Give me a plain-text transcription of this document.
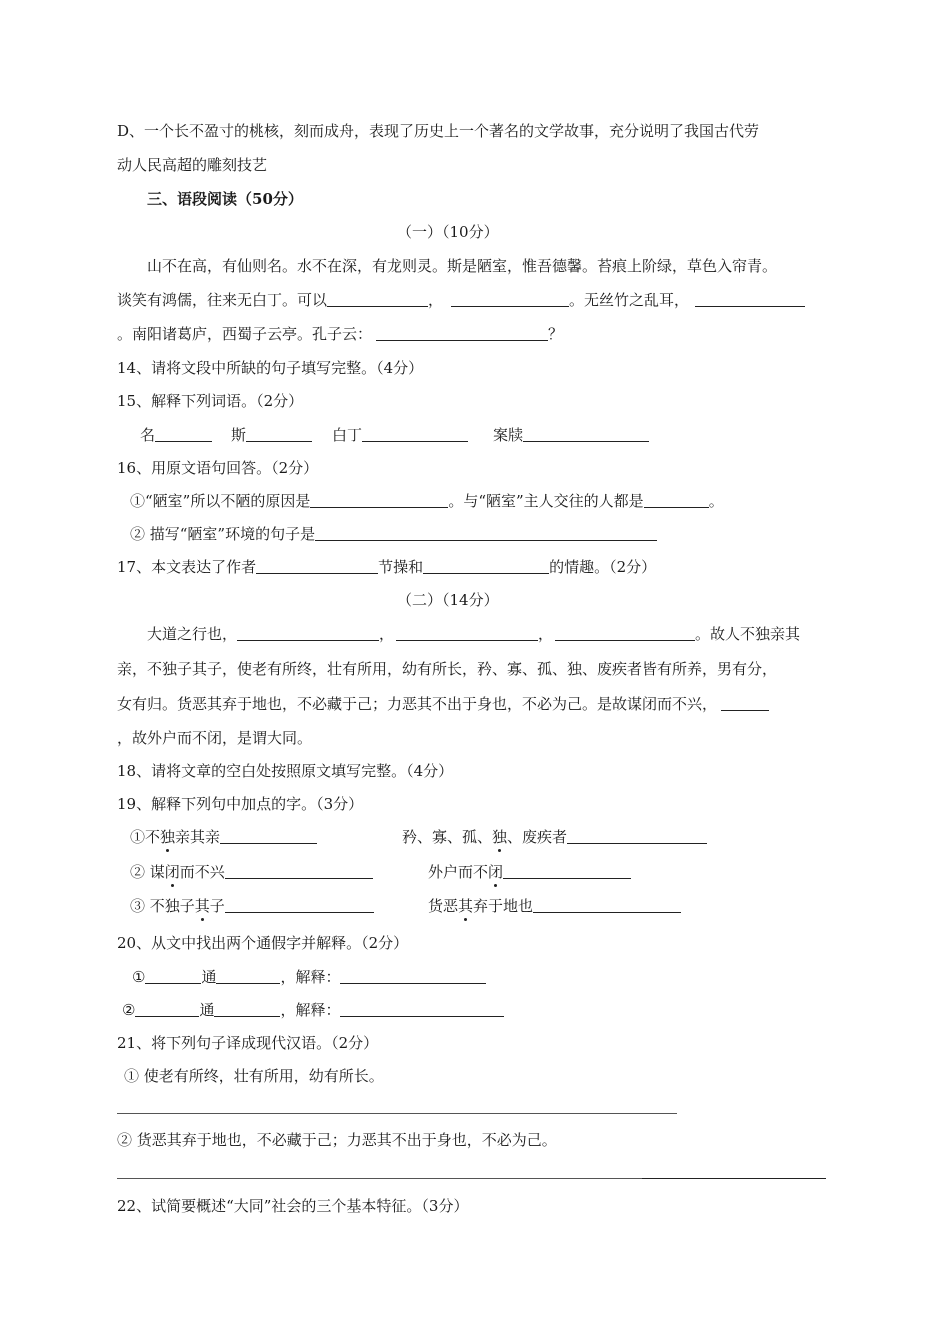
D、一个长不盈寸的桃核，刻而成舟，表现了历史上一个著名的文学故事，充分说明了我国古代劳
动人民高超的雕刻技艺
三、语段阅读（50分）
（一）（10分）
山不在高，有仙则名。水不在深，有龙则灵。斯是陋室，惟吾德馨。苔痕上阶绿，草色入帘青。
谈笑有鸿儒，往来无白丁。可以	，	。无丝竹之乱耳，
。南阳诸葛庐，西蜀子云亭。孔子云：	？
14、请将文段中所缺的句子填写完整。（4分）
15、解释下列词语。（2分）
名	斯	白丁	案牍
16、用原文语句回答。（2分）
①“陋室”所以不陋的原因是	。与“陋室”主人交往的人都是	。
② 描写“陋室”环境的句子是
17、本文表达了作者	节操和	的情趣。（2分）
（二）（14分）
大道之行也，	，	，	。故人不独亲其
亲，不独子其子，使老有所终，壮有所用，幼有所长，矜、寡、孤、独、废疾者皆有所养，男有分，
女有归。货恶其弃于地也，不必藏于己；力恶其不出于身也，不必为己。是故谋闭而不兴，
，故外户而不闭，是谓大同。
18、请将文章的空白处按照原文填写完整。（4分）
19、解释下列句中加点的字。（3分）
①不独亲其亲	矜、寡、孤、独、废疾者
② 谋闭而不兴	外户而不闭
③ 不独子其子	货恶其弃于地也
20、从文中找出两个通假字并解释。（2分）
①	通	，解释：
②	通	，解释：
21、将下列句子译成现代汉语。（2分）
① 使老有所终，壮有所用，幼有所长。
② 货恶其弃于地也，不必藏于己；力恶其不出于身也，不必为己。
22、试简要概述“大同”社会的三个基本特征。（3分）
